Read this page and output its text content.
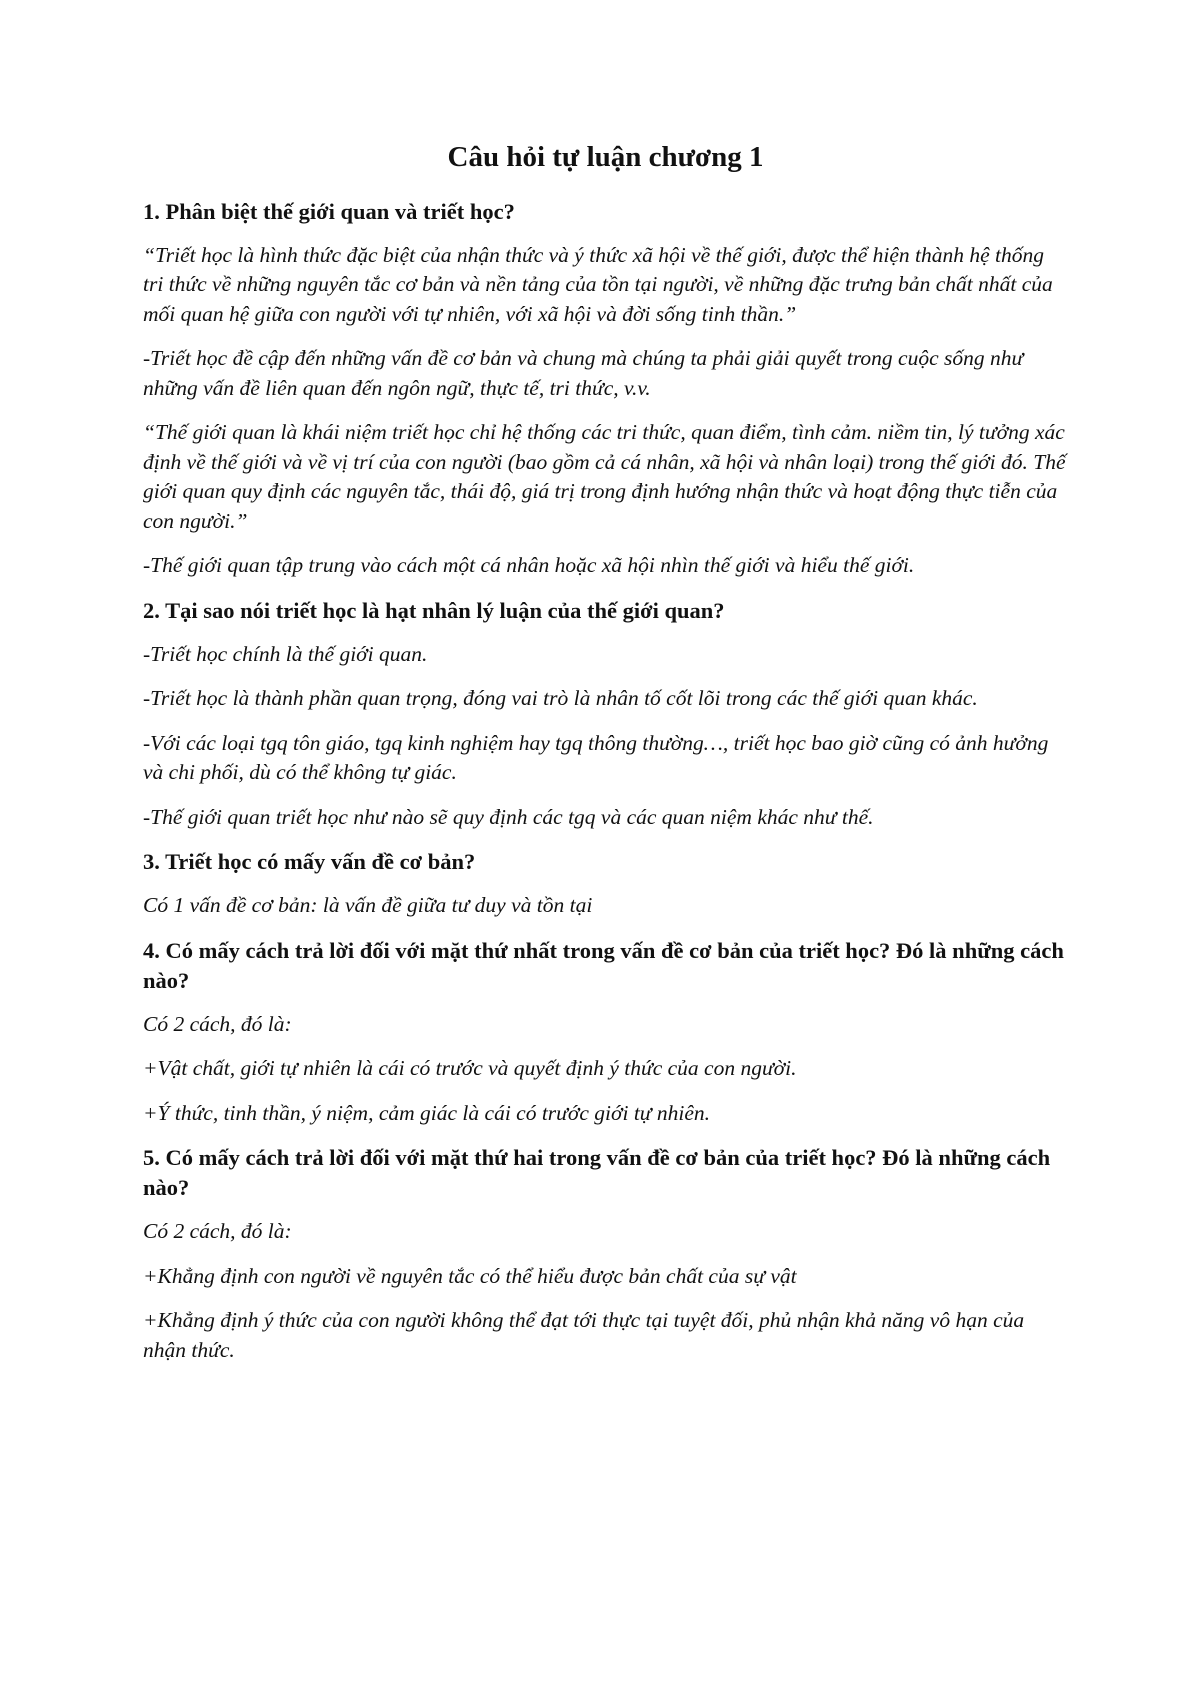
Câu hỏi tự luận chương 1
1. Phân biệt thế giới quan và triết học?

“Triết học là hình thức đặc biệt của nhận thức và ý thức xã hội về thế giới, được thể hiện thành hệ thống tri thức về những nguyên tắc cơ bản và nền tảng của tồn tại người, về những đặc trưng bản chất nhất của mối quan hệ giữa con người với tự nhiên, với xã hội và đời sống tinh thần.”

-Triết học đề cập đến những vấn đề cơ bản và chung mà chúng ta phải giải quyết trong cuộc sống như những vấn đề liên quan đến ngôn ngữ, thực tế, tri thức, v.v.

“Thế giới quan là khái niệm triết học chỉ hệ thống các tri thức, quan điểm, tình cảm. niềm tin, lý tưởng xác định về thế giới và về vị trí của con người (bao gồm cả cá nhân, xã hội và nhân loại) trong thế giới đó. Thế giới quan quy định các nguyên tắc, thái độ, giá trị trong định hướng nhận thức và hoạt động thực tiễn của con người.”

-Thế giới quan tập trung vào cách một cá nhân hoặc xã hội nhìn thế giới và hiểu thế giới.

2. Tại sao nói triết học là hạt nhân lý luận của thế giới quan?

-Triết học chính là thế giới quan.

-Triết học là thành phần quan trọng, đóng vai trò là nhân tố cốt lõi trong các thế giới quan khác.

-Với các loại tgq tôn giáo, tgq kinh nghiệm hay tgq thông thường…, triết học bao giờ cũng có ảnh hưởng và chi phối, dù có thể không tự giác.

-Thế giới quan triết học như nào sẽ quy định các tgq và các quan niệm khác như thế.

3. Triết học có mấy vấn đề cơ bản?

Có 1 vấn đề cơ bản: là vấn đề giữa tư duy và tồn tại

4. Có mấy cách trả lời đối với mặt thứ nhất trong vấn đề cơ bản của triết học? Đó là những cách nào?

Có 2 cách, đó là:

+Vật chất, giới tự nhiên là cái có trước và quyết định ý thức của con người.

+Ý thức, tinh thần, ý niệm, cảm giác là cái có trước giới tự nhiên.

5. Có mấy cách trả lời đối với mặt thứ hai trong vấn đề cơ bản của triết học? Đó là những cách nào?

Có 2 cách, đó là:

+Khẳng định con người về nguyên tắc có thể hiểu được bản chất của sự vật

+Khẳng định ý thức của con người không thể đạt tới thực tại tuyệt đối, phủ nhận khả năng vô hạn của nhận thức.
